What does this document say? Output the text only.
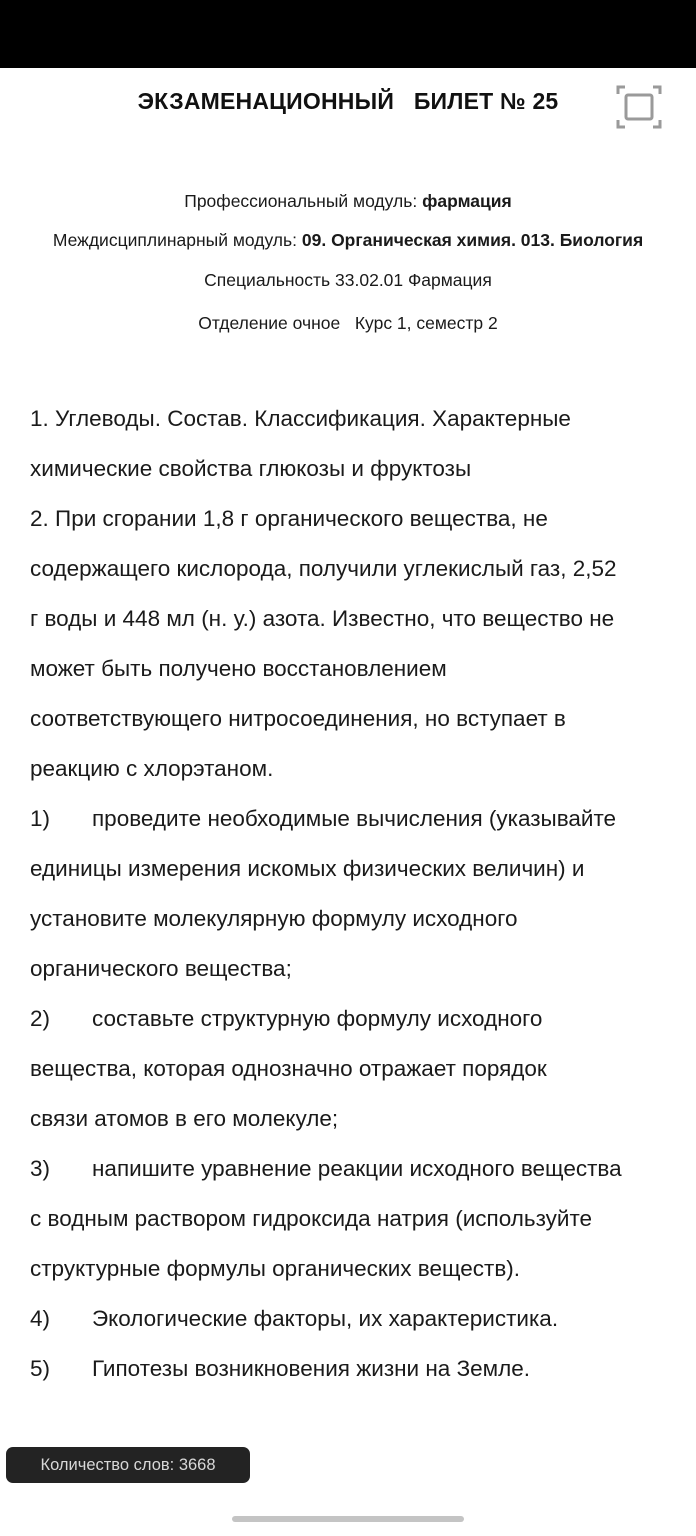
ЭКЗАМЕНАЦИОННЫЙ БИЛЕТ № 25
Профессиональный модуль: фармация
Междисциплинарный модуль: 09. Органическая химия. 013. Биология
Специальность 33.02.01 Фармация
Отделение очное Курс 1, семестр 2
1. Углеводы. Состав. Классификация. Характерные
химические свойства глюкозы и фруктозы
2. При сгорании 1,8 г органического вещества, не
содержащего кислорода, получили углекислый газ, 2,52
г воды и 448 мл (н. у.) азота. Известно, что вещество не
может быть получено восстановлением
соответствующего нитросоединения, но вступает в
реакцию с хлорэтаном.
1) проведите необходимые вычисления (указывайте
единицы измерения искомых физических величин) и
установите молекулярную формулу исходного
органического вещества;
2) составьте структурную формулу исходного
вещества, которая однозначно отражает порядок
связи атомов в его молекуле;
3) напишите уравнение реакции исходного вещества
с водным раствором гидроксида натрия (используйте
структурные формулы органических веществ).
4) Экологические факторы, их характеристика.
5) Гипотезы возникновения жизни на Земле.
Количество слов: 3668
